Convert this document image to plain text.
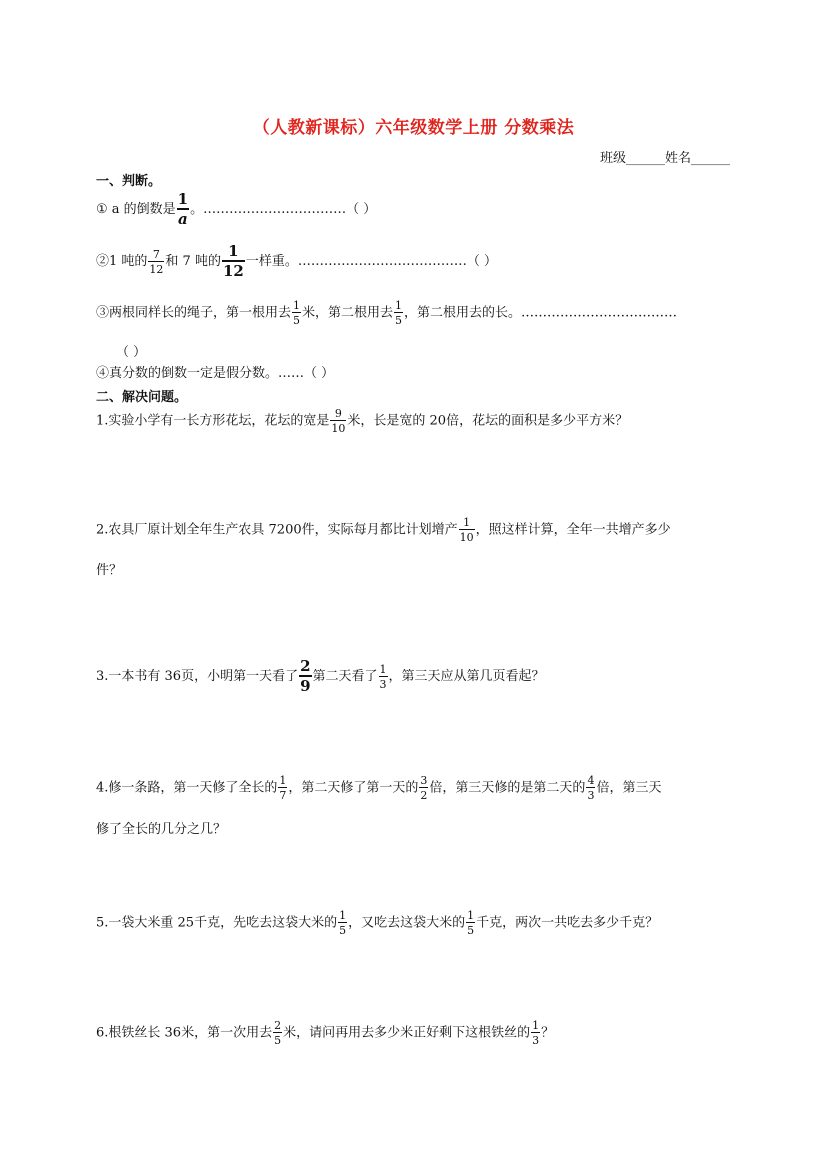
（人教新课标）六年级数学上册 分数乘法
班级______姓名______
一、判断。
① a 的倒数是 $\frac{1}{a}$ 。……………………………（ ）
②1 吨的 $\frac{7}{12}$ 和 7 吨的 $\frac{1}{12}$ 一样重。…………………………………（ ）
③两根同样长的绳子，第一根用去 $\frac{1}{5}$ 米，第二根用去 $\frac{1}{5}$ ，第二根用去的长。………………………………
（ ）
④真分数的倒数一定是假分数。……（ ）
二、解决问题。
1.实验小学有一长方形花坛，花坛的宽是 $\frac{9}{10}$ 米，长是宽的 20倍，花坛的面积是多少平方米？
2.农具厂原计划全年生产农具 7200件，实际每月都比计划增产 $\frac{1}{10}$ ，照这样计算，全年一共增产多少
件？
3.一本书有 36页，小明第一天看了 $\frac{2}{9}$ 第二天看了 $\frac{1}{3}$ ，第三天应从第几页看起？
4.修一条路，第一天修了全长的 $\frac{1}{7}$ ，第二天修了第一天的 $\frac{3}{2}$ 倍，第三天修的是第二天的 $\frac{4}{3}$ 倍，第三天
修了全长的几分之几？
5.一袋大米重 25千克，先吃去这袋大米的 $\frac{1}{5}$ ，又吃去这袋大米的 $\frac{1}{5}$ 千克，两次一共吃去多少千克？
6.根铁丝长 36米，第一次用去 $\frac{2}{5}$ 米，请问再用去多少米正好剩下这根铁丝的 $\frac{1}{3}$ ？
